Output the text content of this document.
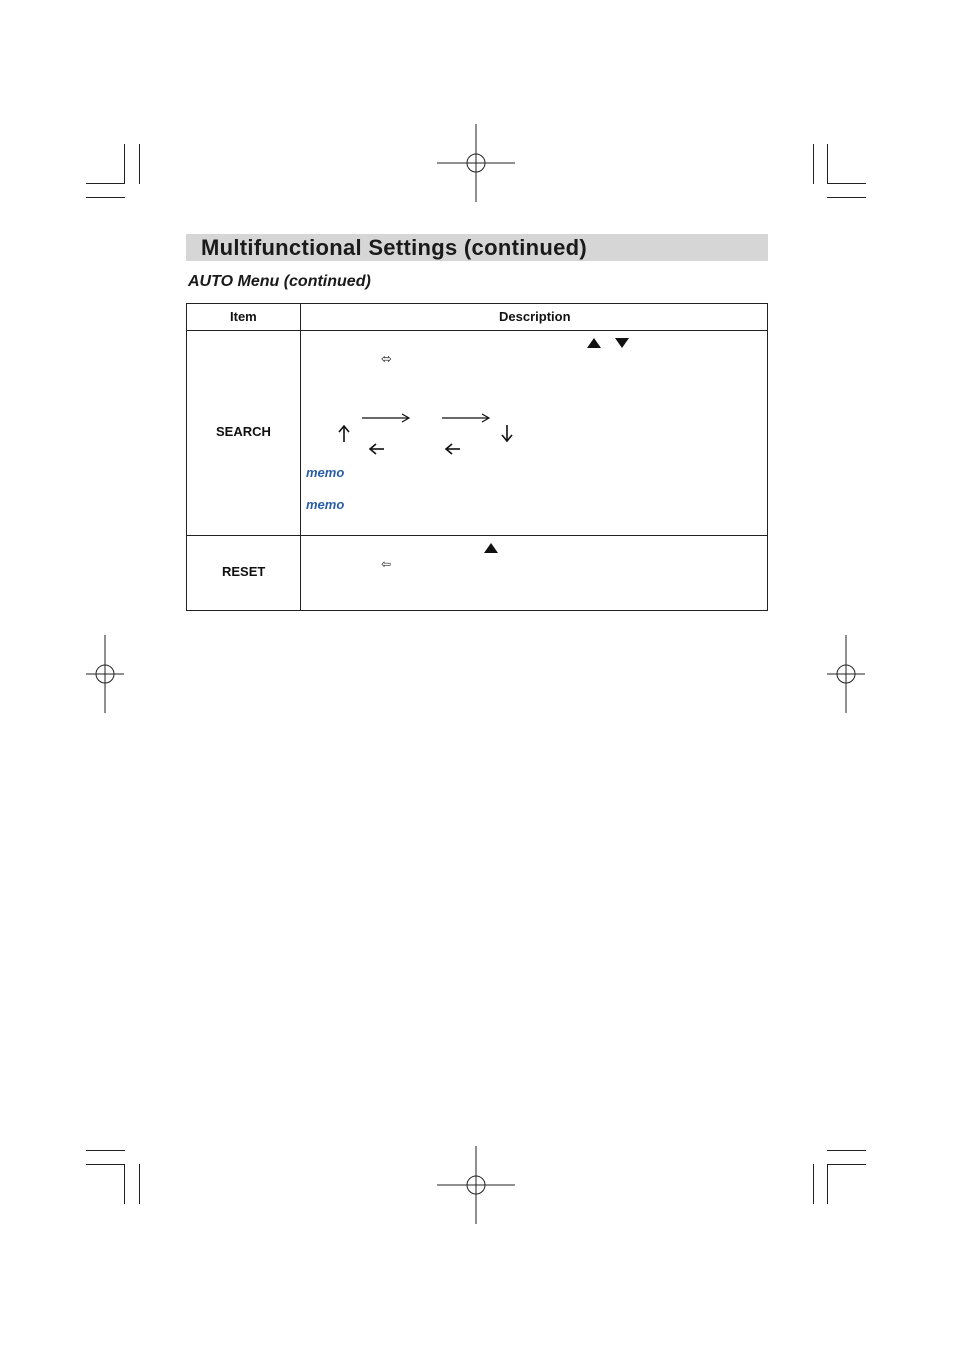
Multifunctional Settings (continued)
AUTO Menu (continued)
Item	Description
SEARCH
RESET
⬄
memo
memo
⇦
